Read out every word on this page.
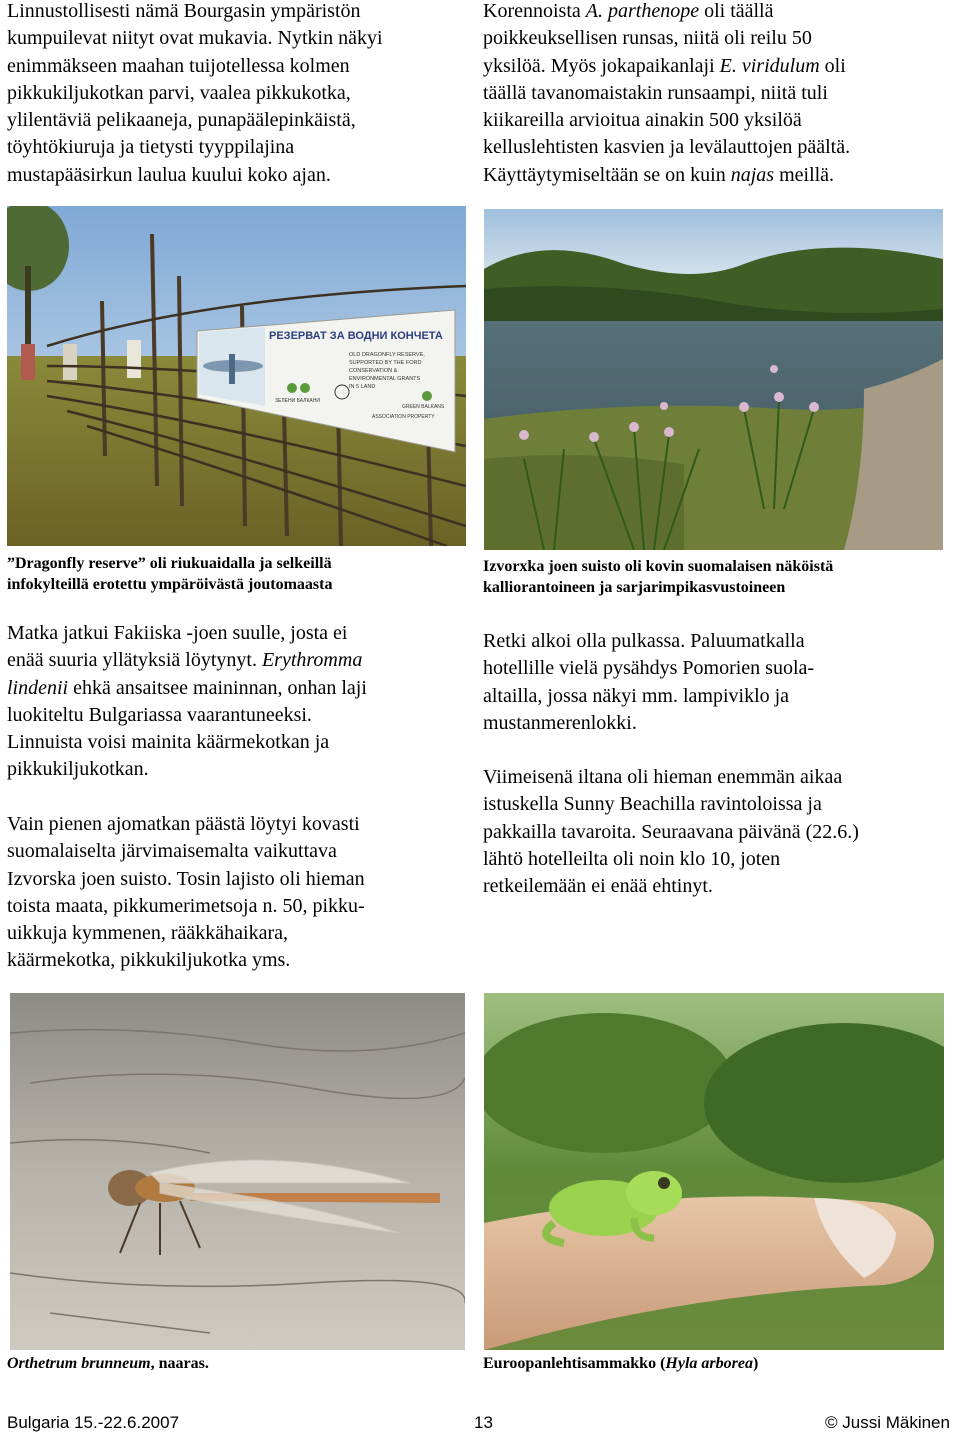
Linnustollisesti nämä Bourgasin ympäristön

kumpuilevat niityt ovat mukavia. Nytkin näkyi

enimmäkseen maahan tuijotellessa kolmen

pikkukiljukotkan parvi, vaalea pikkukotka,

ylilentäviä pelikaaneja, punapäälepinkäistä,

töyhtökiuruja ja tietysti tyyppilajina

mustapääsirkun laulua kuului koko ajan.

Korennoista A. parthenope oli täällä

poikkeuksellisen runsas, niitä oli reilu 50

yksilöä. Myös jokapaikanlaji E. viridulum oli

täällä tavanomaistakin runsaampi, niitä tuli

kiikareilla arvioitua ainakin 500 yksilöä

kelluslehtisten kasvien ja levälauttojen päältä.

Käyttäytymiseltään se on kuin najas meillä.

РЕЗЕРВАТ ЗА ВОДНИ КОНЧЕТА
OLD DRAGONFLY RESERVE,
SUPPORTED BY THE FORD
CONSERVATION &
ENVIRONMENTAL GRANTS
IN 5 LAND
ЗЕЛЕНИ БАЛКАНИ
GREEN BALKANS
ASSOCIATION PROPERTY

”Dragonfly reserve” oli riukuaidalla ja selkeillä

infokylteillä erotettu ympäröivästä joutomaasta

Izvorxka joen suisto oli kovin suomalaisen näköistä

kalliorantoineen ja sarjarimpikasvustoineen

Matka jatkui Fakiiska -joen suulle, josta ei

enää suuria yllätyksiä löytynyt. Erythromma

lindenii ehkä ansaitsee maininnan, onhan laji

luokiteltu Bulgariassa vaarantuneeksi.

Linnuista voisi mainita käärmekotkan ja

pikkukiljukotkan.

Vain pienen ajomatkan päästä löytyi kovasti

suomalaiselta järvimaisemalta vaikuttava

Izvorska joen suisto. Tosin lajisto oli hieman

toista maata, pikkumerimetsoja n. 50, pikku-

uikkuja kymmenen, rääkkähaikara,

käärmekotka, pikkukiljukotka yms.

Retki alkoi olla pulkassa. Paluumatkalla

hotellille vielä pysähdys Pomorien suola-

altailla, jossa näkyi mm. lampiviklo ja

mustanmerenlokki.

Viimeisenä iltana oli hieman enemmän aikaa

istuskella Sunny Beachilla ravintoloissa ja

pakkailla tavaroita. Seuraavana päivänä (22.6.)

lähtö hotelleilta oli noin klo 10, joten

retkeilemään ei enää ehtinyt.

Orthetrum brunneum, naaras.	Euroopanlehtisammakko (Hyla arborea)

Bulgaria 15.-22.6.2007	13	© Jussi Mäkinen
